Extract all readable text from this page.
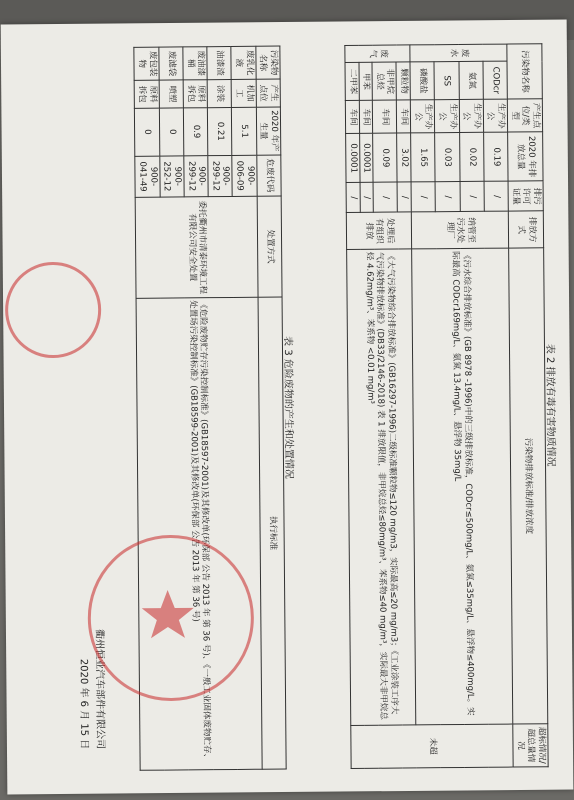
表 2 排放有毒有害物质情况
污染物名称		产生点位/类型	2020 年排放总量	排污许可证量	排放方式	污染物排放标准/排放浓度	超标情况/超总量情况
废水	CODcr	生产办公	0.19	/	纳管至污水处理厂	《污水综合排放标准》(GB 8978 -1996)中的三级排放标准，CODcr≤500mg/L、氨氮≤35mg/L、悬浮物≤400mg/L。实际最高 CODcr169mg/L、氨氮 13.4mg/L、悬浮物 35mg/L	未超
	氨氮	生产办公	0.02	/			
	SS	生产办公	0.03	/			
	磷酸盐	生产办公	1.65	/			
废气	颗粒物	车间	3.02	/	处理后有组织排放	《大气污染物综合排放标准》(GB16297-1996)二级标准颗粒物≤120 mg/m3，实际最高≤20 mg/m3；《工业涂装工序大气污染物排放标准》(DB33/2146-2018) 表 1 排放限值，非甲烷总烃≤80mg/m³、苯系物≤40 mg/m³，实际最大非甲烷总烃 4.62mg/m³、苯系物 <0.01 mg/m³	
	非甲烷总烃	车间	0.09	/			
	甲苯	车间	0.0001	/			
	二甲苯	车间	0.0001	/			
表 3 危险废物的产生和处置情况
污染物名称	产生点位	2020 年产生量	危废代码	处置方式	执行标准
废乳化液	机加工	5.1	900-006-09	委托衢州市清泰环境工程有限公司安全处置	《危险废物贮存污染控制标准》(GB18597-2001)及其修改单(环保部 公告 2013 年 第 36 号)、《一般工业固体废物贮存、处置场污染控制标准》(GB18599-2001)及其修改单(环保部 公告 2013 年 第 36 号)
油漆渣	涂装	0.21	900-299-12		
废油漆桶	原料拆包	0.9	900-299-12		
废滤袋	喷塑	0	900-252-12		
废包装物	原料拆包	0	900-041-49		
衢州恒业汽车部件有限公司
2020 年 6 月 15 日
